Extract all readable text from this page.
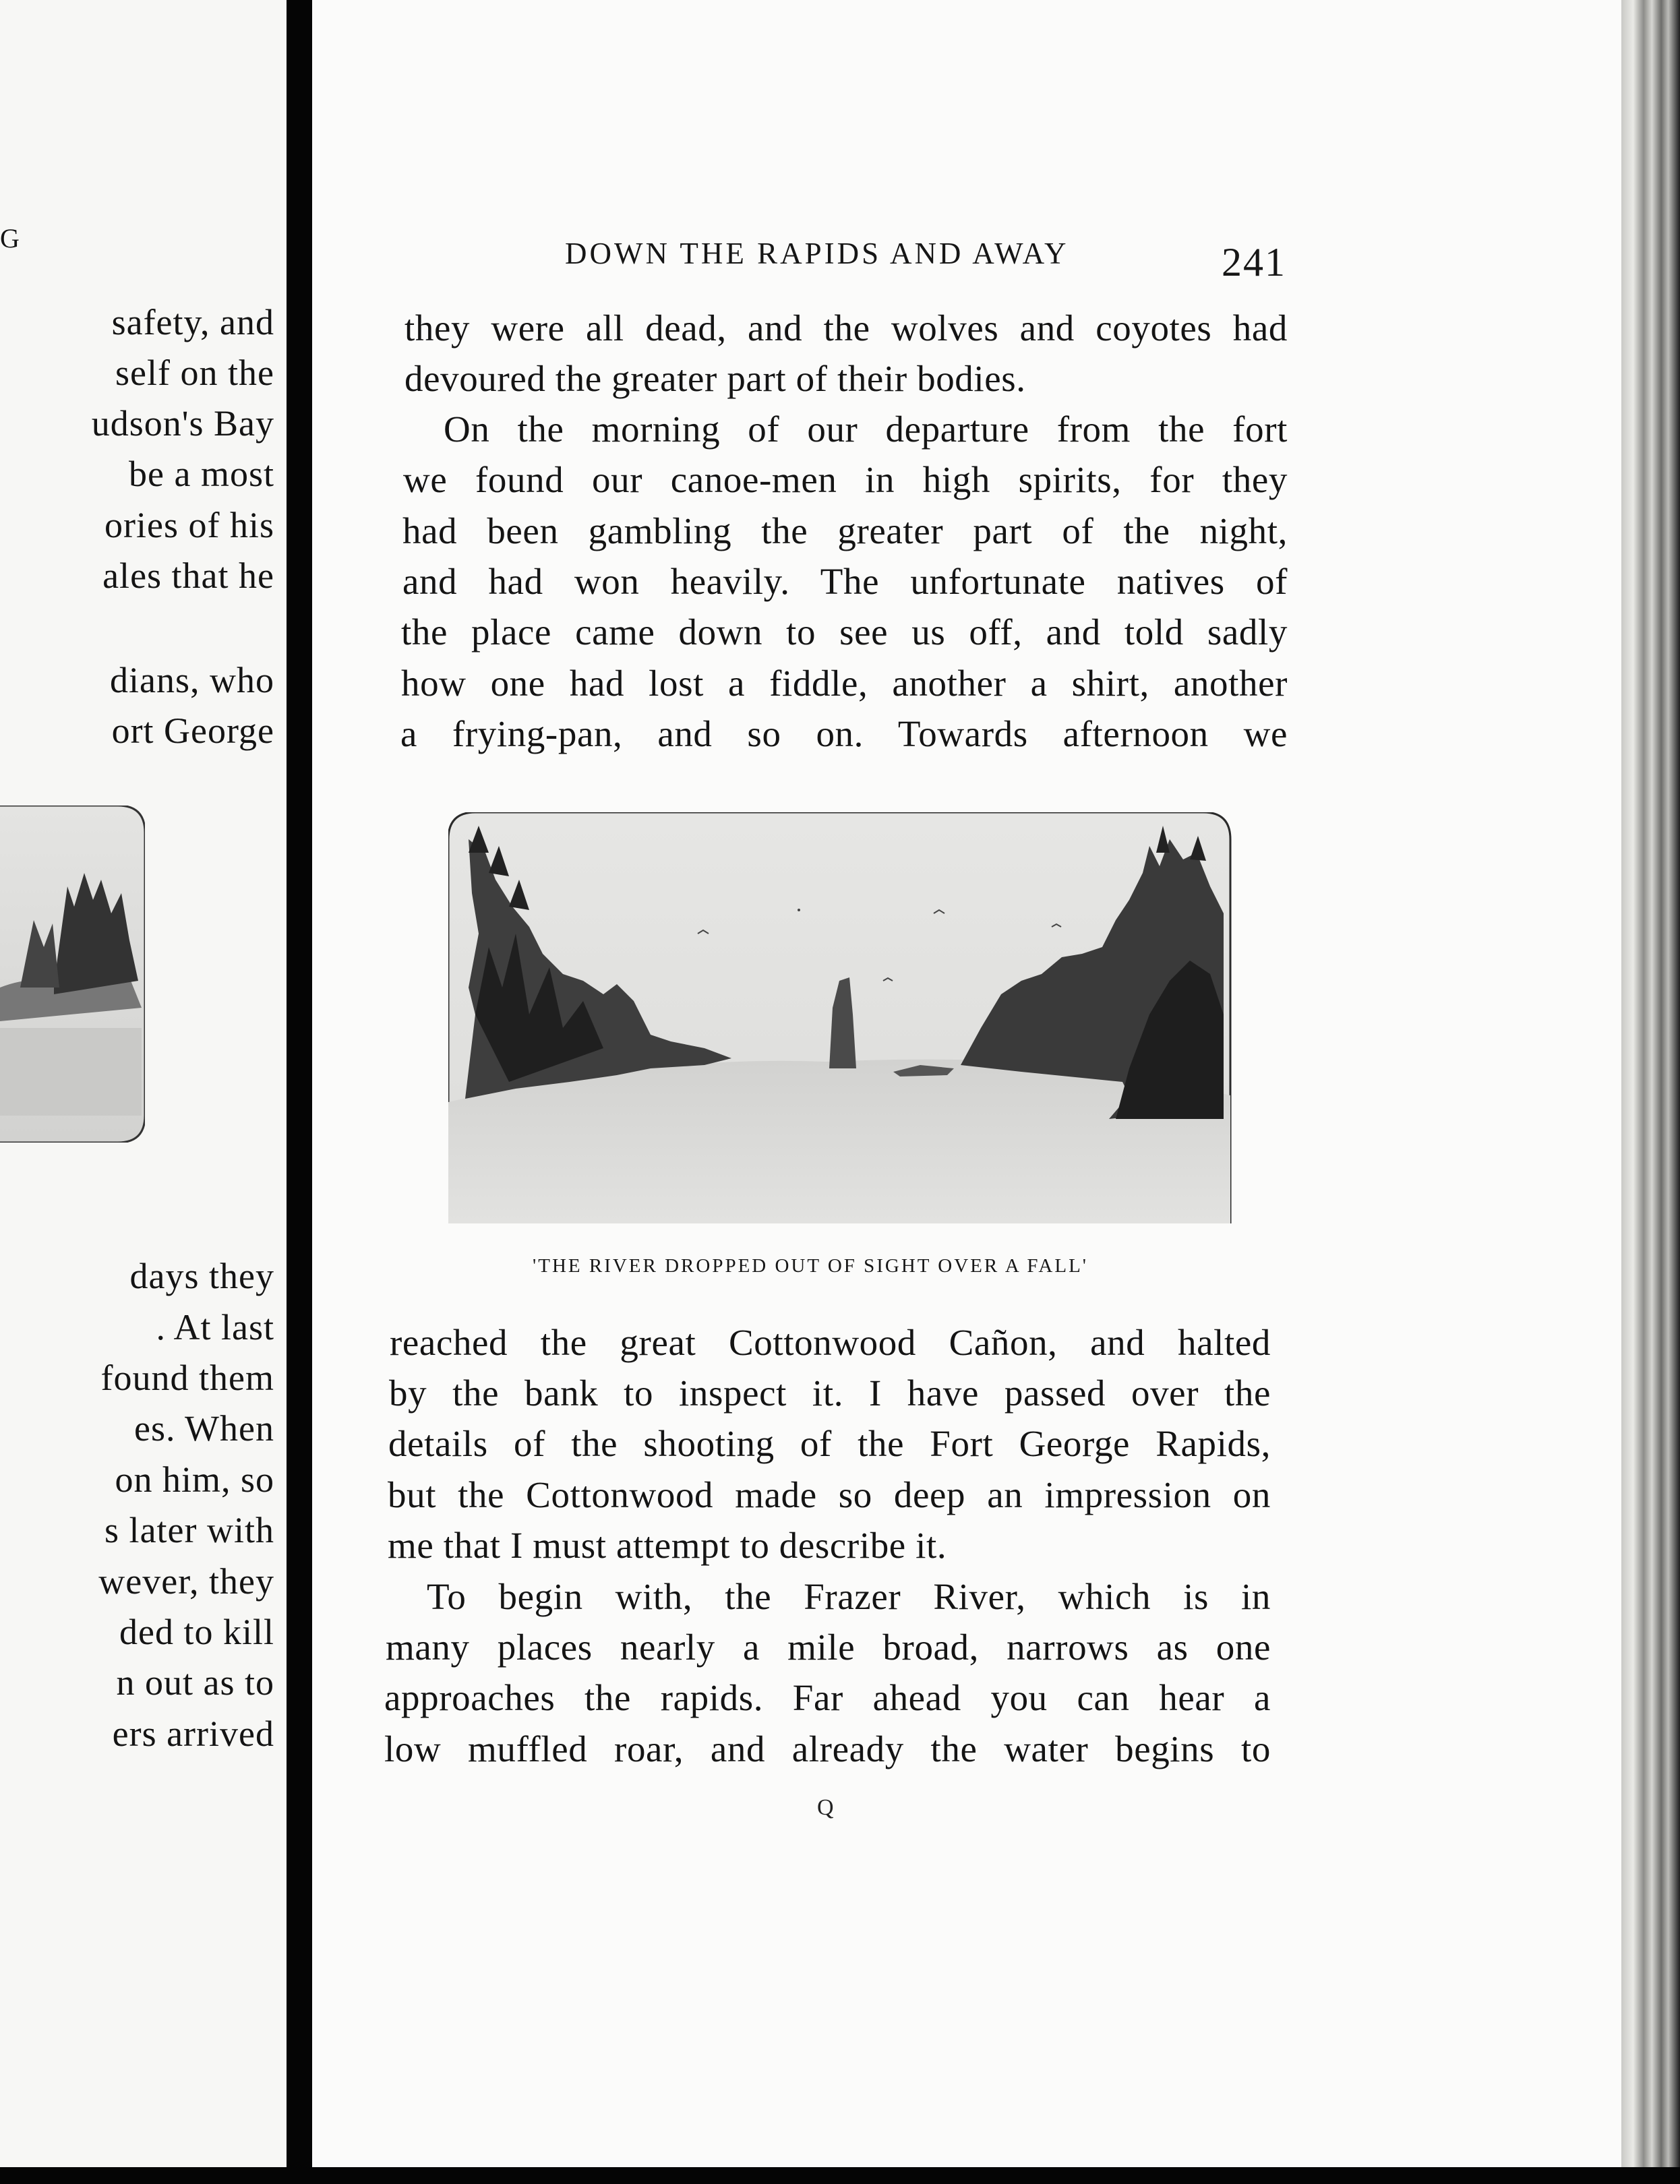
G
safety, and
self on the
udson's Bay
be a most
ories of his
ales that he
dians, who
ort George
days they
. At last
found them
es. When
on him, so
s later with
wever, they
ded to kill
n out as to
ers arrived
DOWN THE RAPIDS AND AWAY	241
they were all dead, and the wolves and coyotes had
devoured the greater part of their bodies.
On the morning of our departure from the fort
we found our canoe-men in high spirits, for they
had been gambling the greater part of the night,
and had won heavily. The unfortunate natives of
the place came down to see us off, and told sadly
how one had lost a fiddle, another a shirt, another
a frying-pan, and so on. Towards afternoon we
'THE RIVER DROPPED OUT OF SIGHT OVER A FALL'
reached the great Cottonwood Cañon, and halted
by the bank to inspect it. I have passed over the
details of the shooting of the Fort George Rapids,
but the Cottonwood made so deep an impression on
me that I must attempt to describe it.
To begin with, the Frazer River, which is in
many places nearly a mile broad, narrows as one
approaches the rapids. Far ahead you can hear a
low muffled roar, and already the water begins to
Q
